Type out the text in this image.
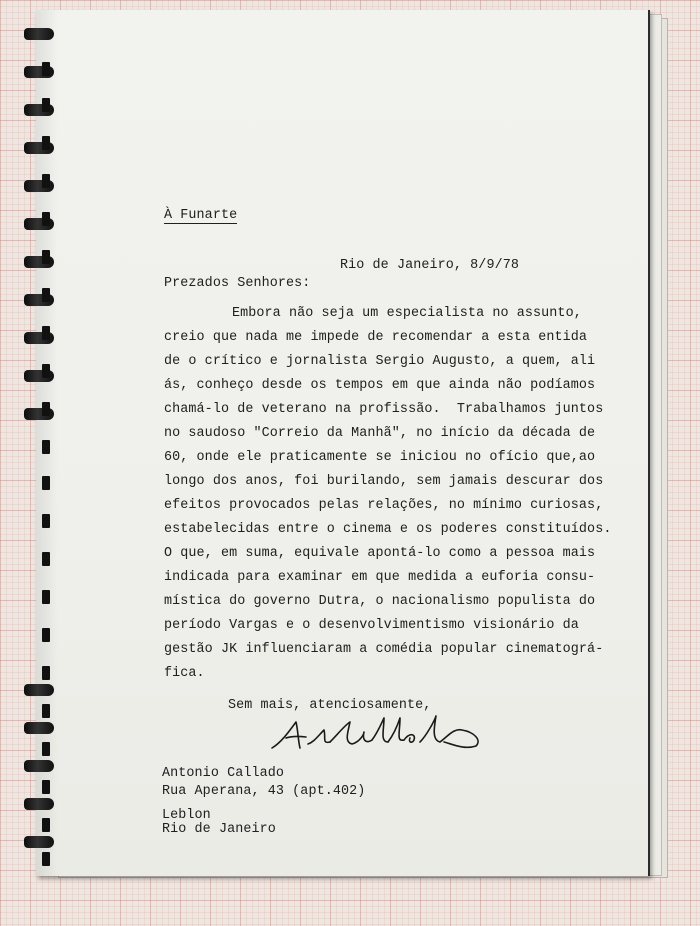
À Funarte
Rio de Janeiro, 8/9/78
Prezados Senhores:
Embora não seja um especialista no assunto,
creio que nada me impede de recomendar a esta entida
de o crítico e jornalista Sergio Augusto, a quem, ali
ás, conheço desde os tempos em que ainda não podíamos
chamá-lo de veterano na profissão.  Trabalhamos juntos
no saudoso "Correio da Manhã", no início da década de
60, onde ele praticamente se iniciou no ofício que,ao
longo dos anos, foi burilando, sem jamais descurar dos
efeitos provocados pelas relações, no mínimo curiosas,
estabelecidas entre o cinema e os poderes constituídos.
O que, em suma, equivale apontá-lo como a pessoa mais
indicada para examinar em que medida a euforia consu-
mística do governo Dutra, o nacionalismo populista do
período Vargas e o desenvolvimentismo visionário da
gestão JK influenciaram a comédia popular cinematográ-
fica.
Sem mais, atenciosamente,
Antonio Callado
Rua Aperana, 43 (apt.402)
Leblon
Rio de Janeiro
